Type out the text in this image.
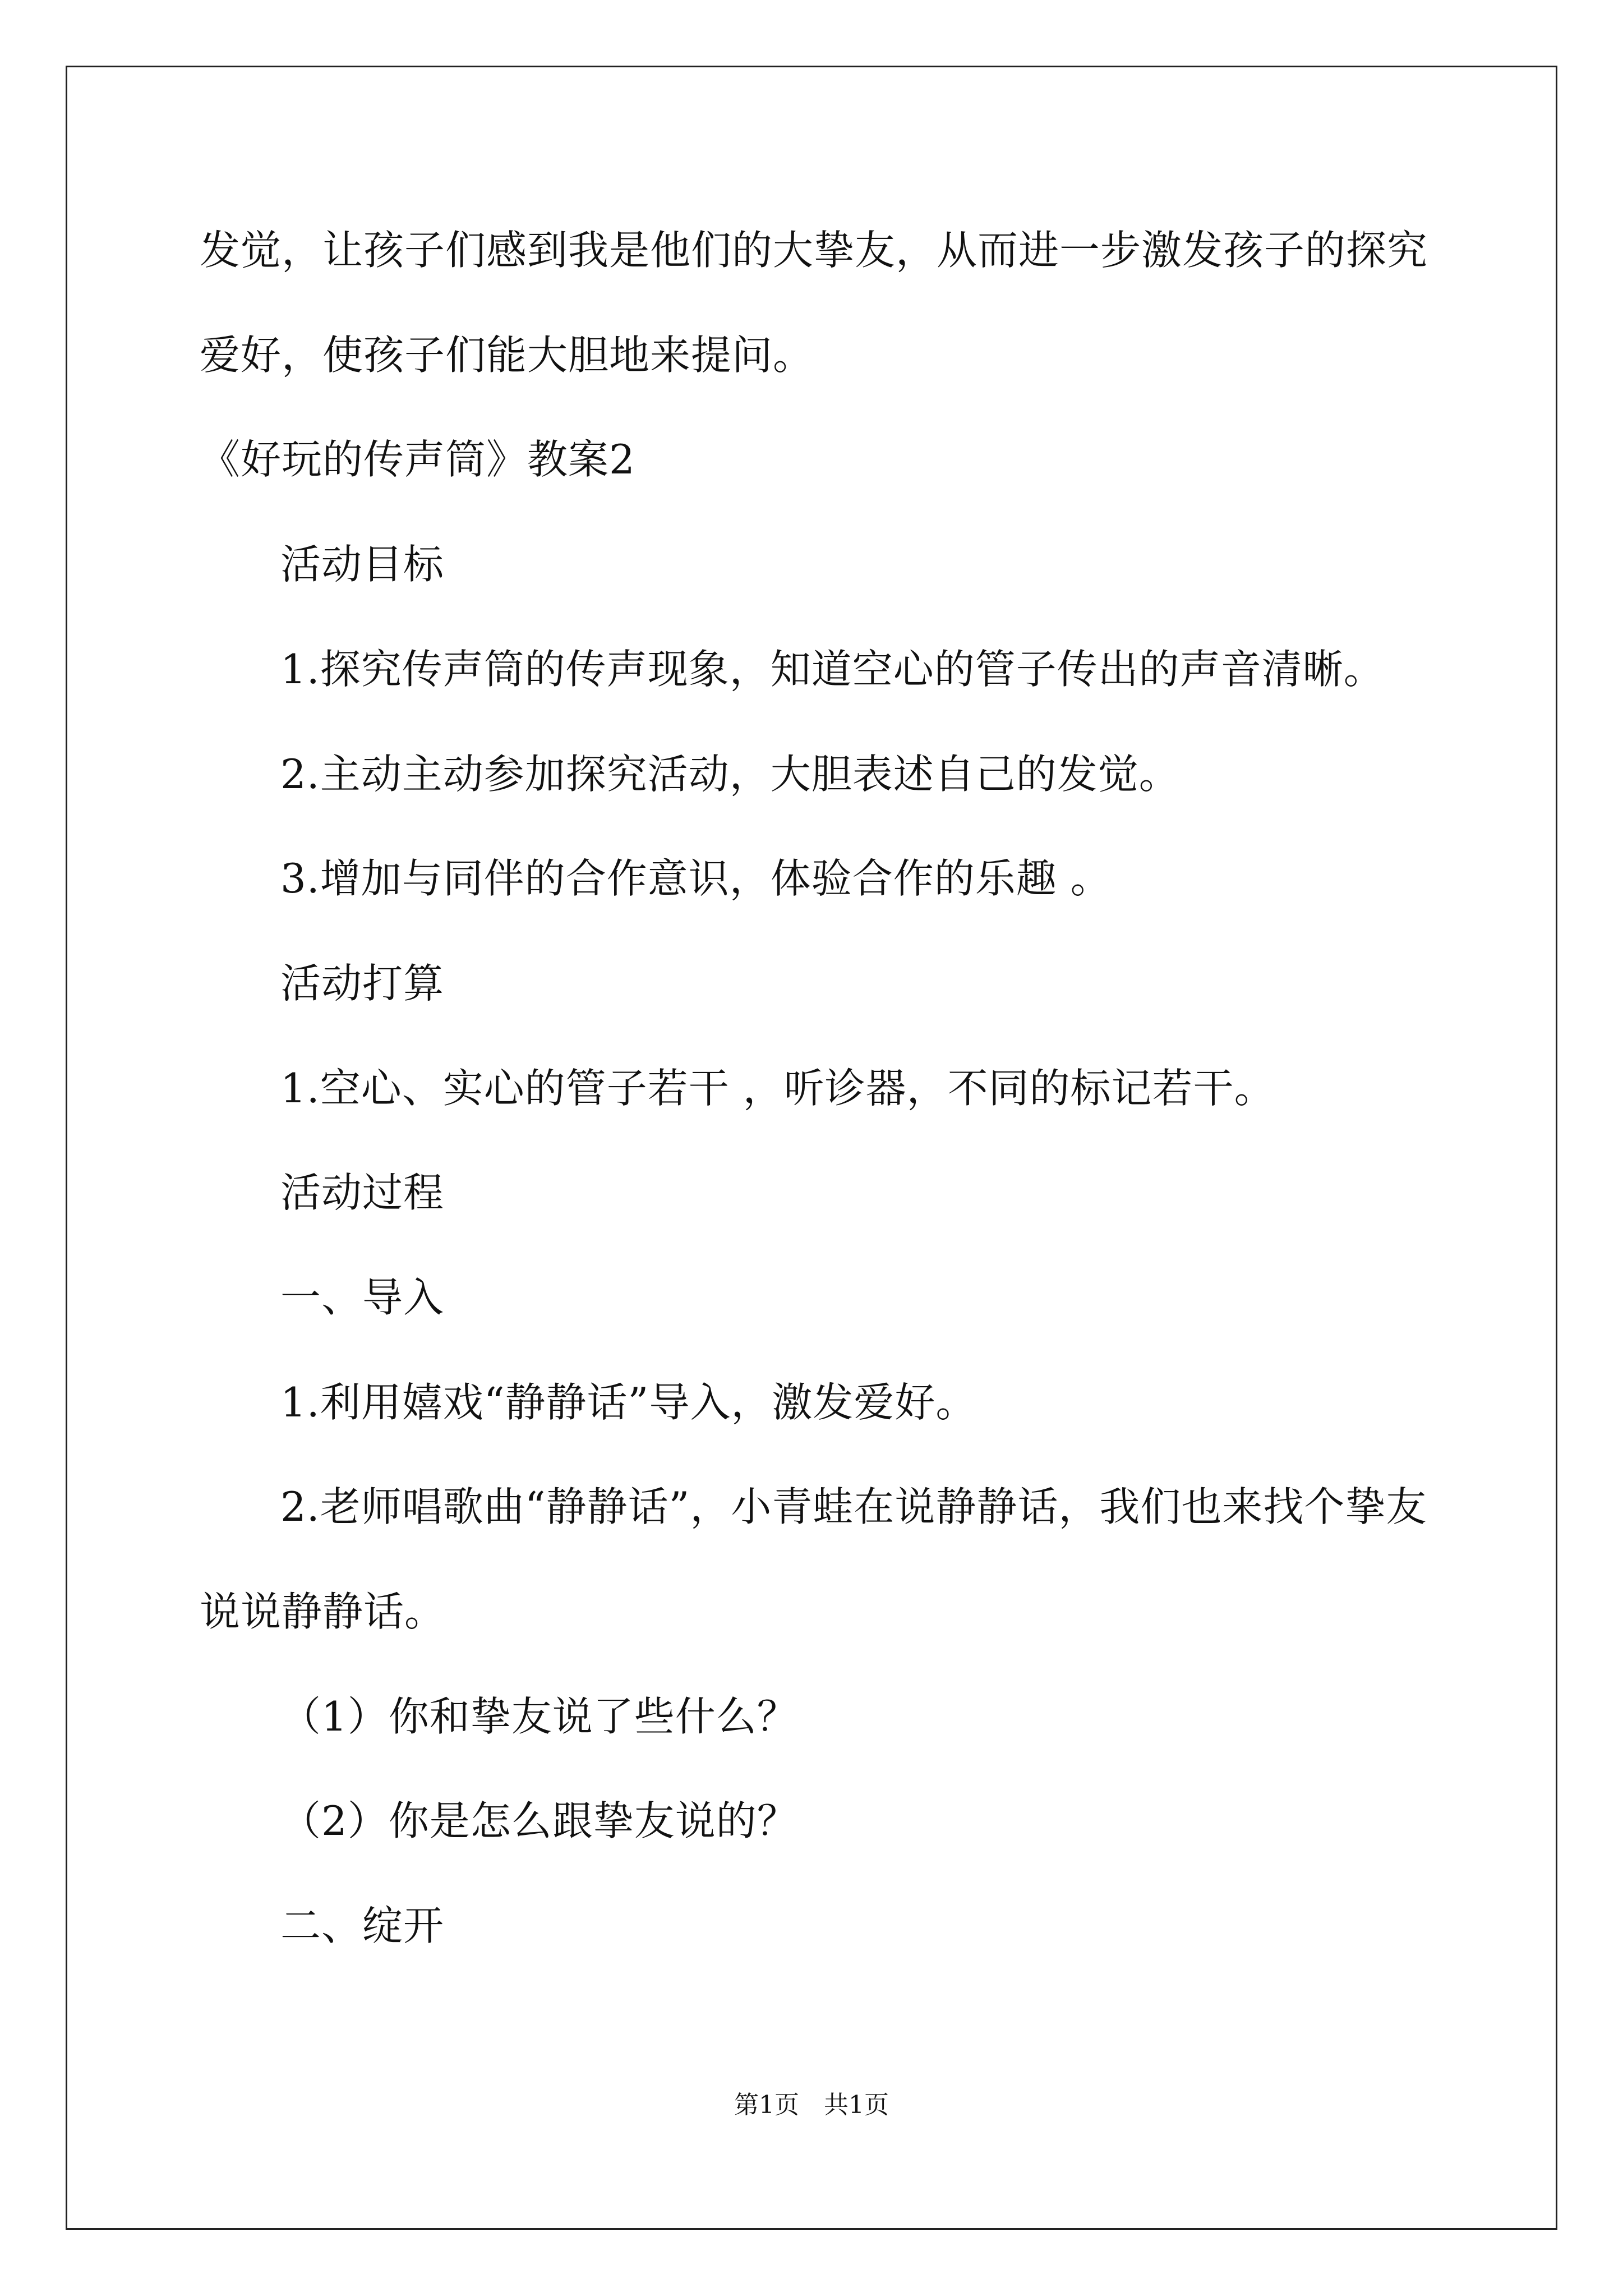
发觉，让孩子们感到我是他们的大挚友，从而进一步激发孩子的探究
爱好，使孩子们能大胆地来提问。
《好玩的传声筒》教案2
活动目标
1.探究传声筒的传声现象，知道空心的管子传出的声音清晰。
2.主动主动参加探究活动，大胆表述自己的发觉。
3.增加与同伴的合作意识，体验合作的乐趣 。
活动打算
1.空心、实心的管子若干 ，听诊器，不同的标记若干。
活动过程
一、导入
1.利用嬉戏“静静话”导入，激发爱好。
2.老师唱歌曲“静静话”，小青蛙在说静静话，我们也来找个挚友
说说静静话。
（1）你和挚友说了些什么？
（2）你是怎么跟挚友说的？
二、绽开
第1页　共1页
